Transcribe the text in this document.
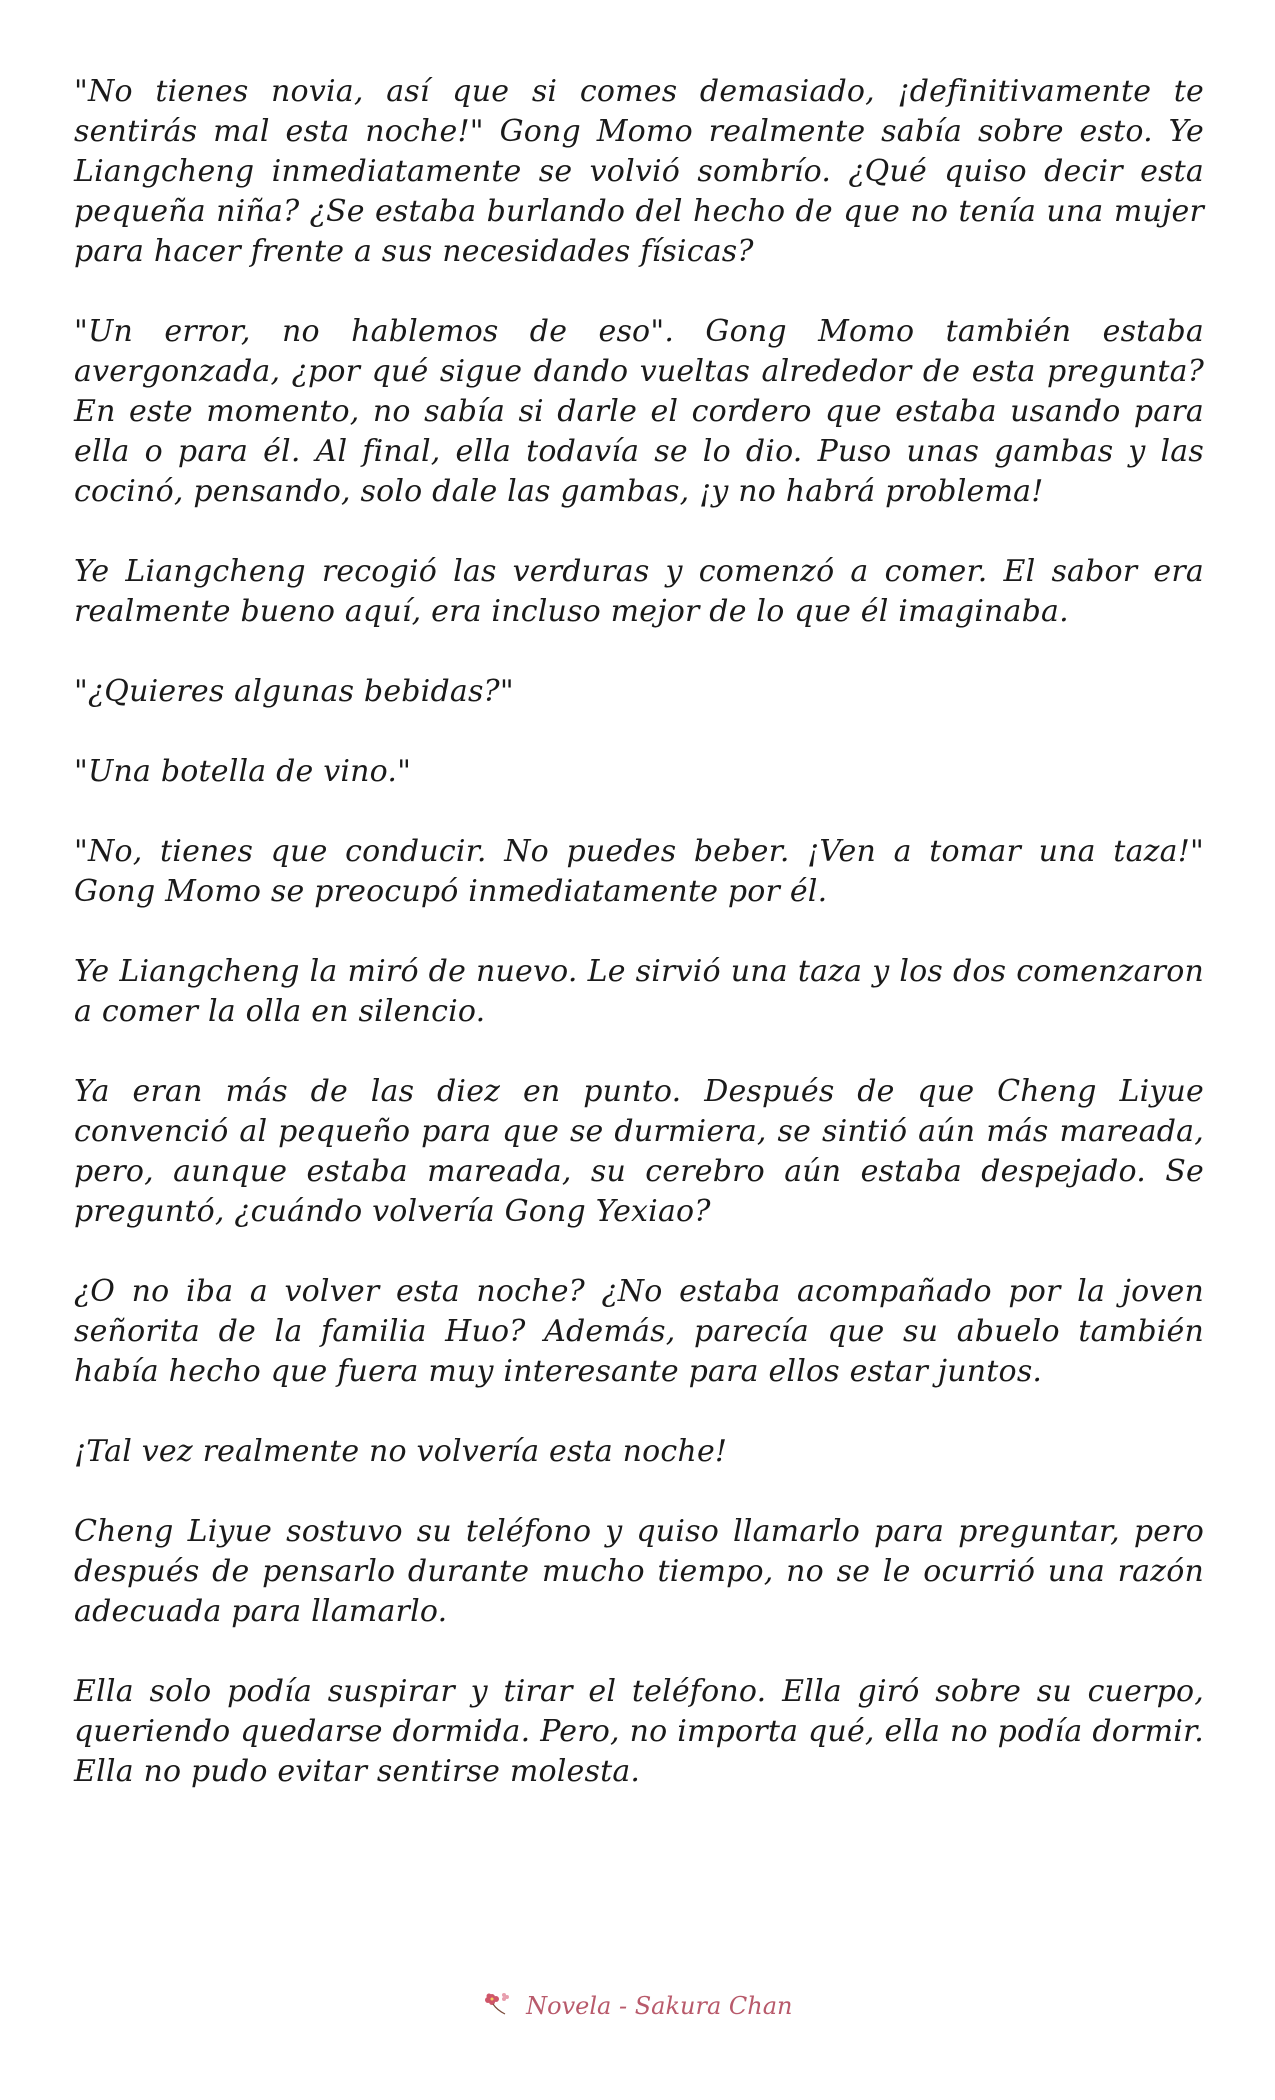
"No tienes novia, así que si comes demasiado, ¡definitivamente te sentirás mal esta noche!" Gong Momo realmente sabía sobre esto. Ye Liangcheng inmediatamente se volvió sombrío. ¿Qué quiso decir esta pequeña niña? ¿Se estaba burlando del hecho de que no tenía una mujer para hacer frente a sus necesidades físicas?

"Un error, no hablemos de eso". Gong Momo también estaba avergonzada, ¿por qué sigue dando vueltas alrededor de esta pregunta? En este momento, no sabía si darle el cordero que estaba usando para ella o para él. Al final, ella todavía se lo dio. Puso unas gambas y las cocinó, pensando, solo dale las gambas, ¡y no habrá problema!

Ye Liangcheng recogió las verduras y comenzó a comer. El sabor era realmente bueno aquí, era incluso mejor de lo que él imaginaba.

"¿Quieres algunas bebidas?"

"Una botella de vino."

"No, tienes que conducir. No puedes beber. ¡Ven a tomar una taza!" Gong Momo se preocupó inmediatamente por él.

Ye Liangcheng la miró de nuevo. Le sirvió una taza y los dos comenzaron a comer la olla en silencio.

Ya eran más de las diez en punto. Después de que Cheng Liyue convenció al pequeño para que se durmiera, se sintió aún más mareada, pero, aunque estaba mareada, su cerebro aún estaba despejado. Se preguntó, ¿cuándo volvería Gong Yexiao?

¿O no iba a volver esta noche? ¿No estaba acompañado por la joven señorita de la familia Huo? Además, parecía que su abuelo también había hecho que fuera muy interesante para ellos estar juntos.

¡Tal vez realmente no volvería esta noche!

Cheng Liyue sostuvo su teléfono y quiso llamarlo para preguntar, pero después de pensarlo durante mucho tiempo, no se le ocurrió una razón adecuada para llamarlo.

Ella solo podía suspirar y tirar el teléfono. Ella giró sobre su cuerpo, queriendo quedarse dormida. Pero, no importa qué, ella no podía dormir. Ella no pudo evitar sentirse molesta.

Novela - Sakura Chan
